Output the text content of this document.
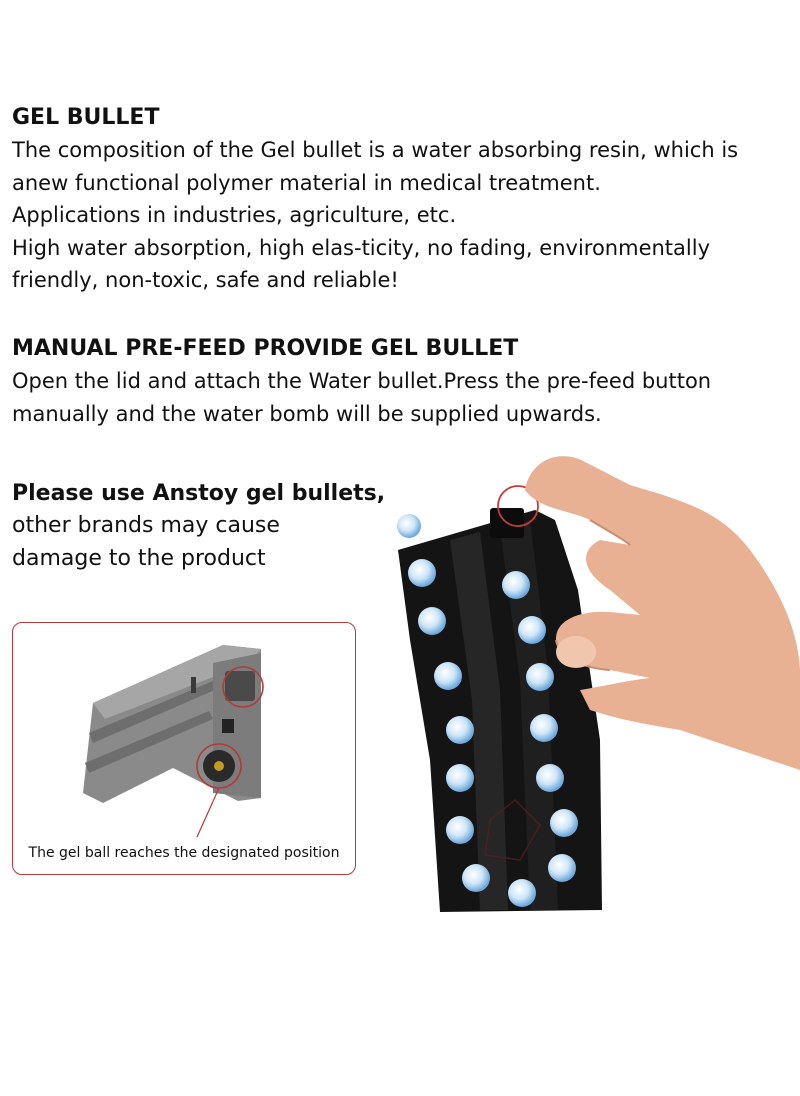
GEL BULLET
The composition of the Gel bullet is a water absorbing resin, which is
anew functional polymer material in medical treatment.
Applications in industries, agriculture, etc.
High water absorption, high elas-ticity, no fading, environmentally
friendly, non-toxic, safe and reliable!
MANUAL PRE-FEED PROVIDE GEL BULLET
Open the lid and attach the Water bullet.Press the pre-feed button
manually and the water bomb will be supplied upwards.
Please use Anstoy gel bullets,
other brands may cause
damage to the product
The gel ball reaches the designated position
